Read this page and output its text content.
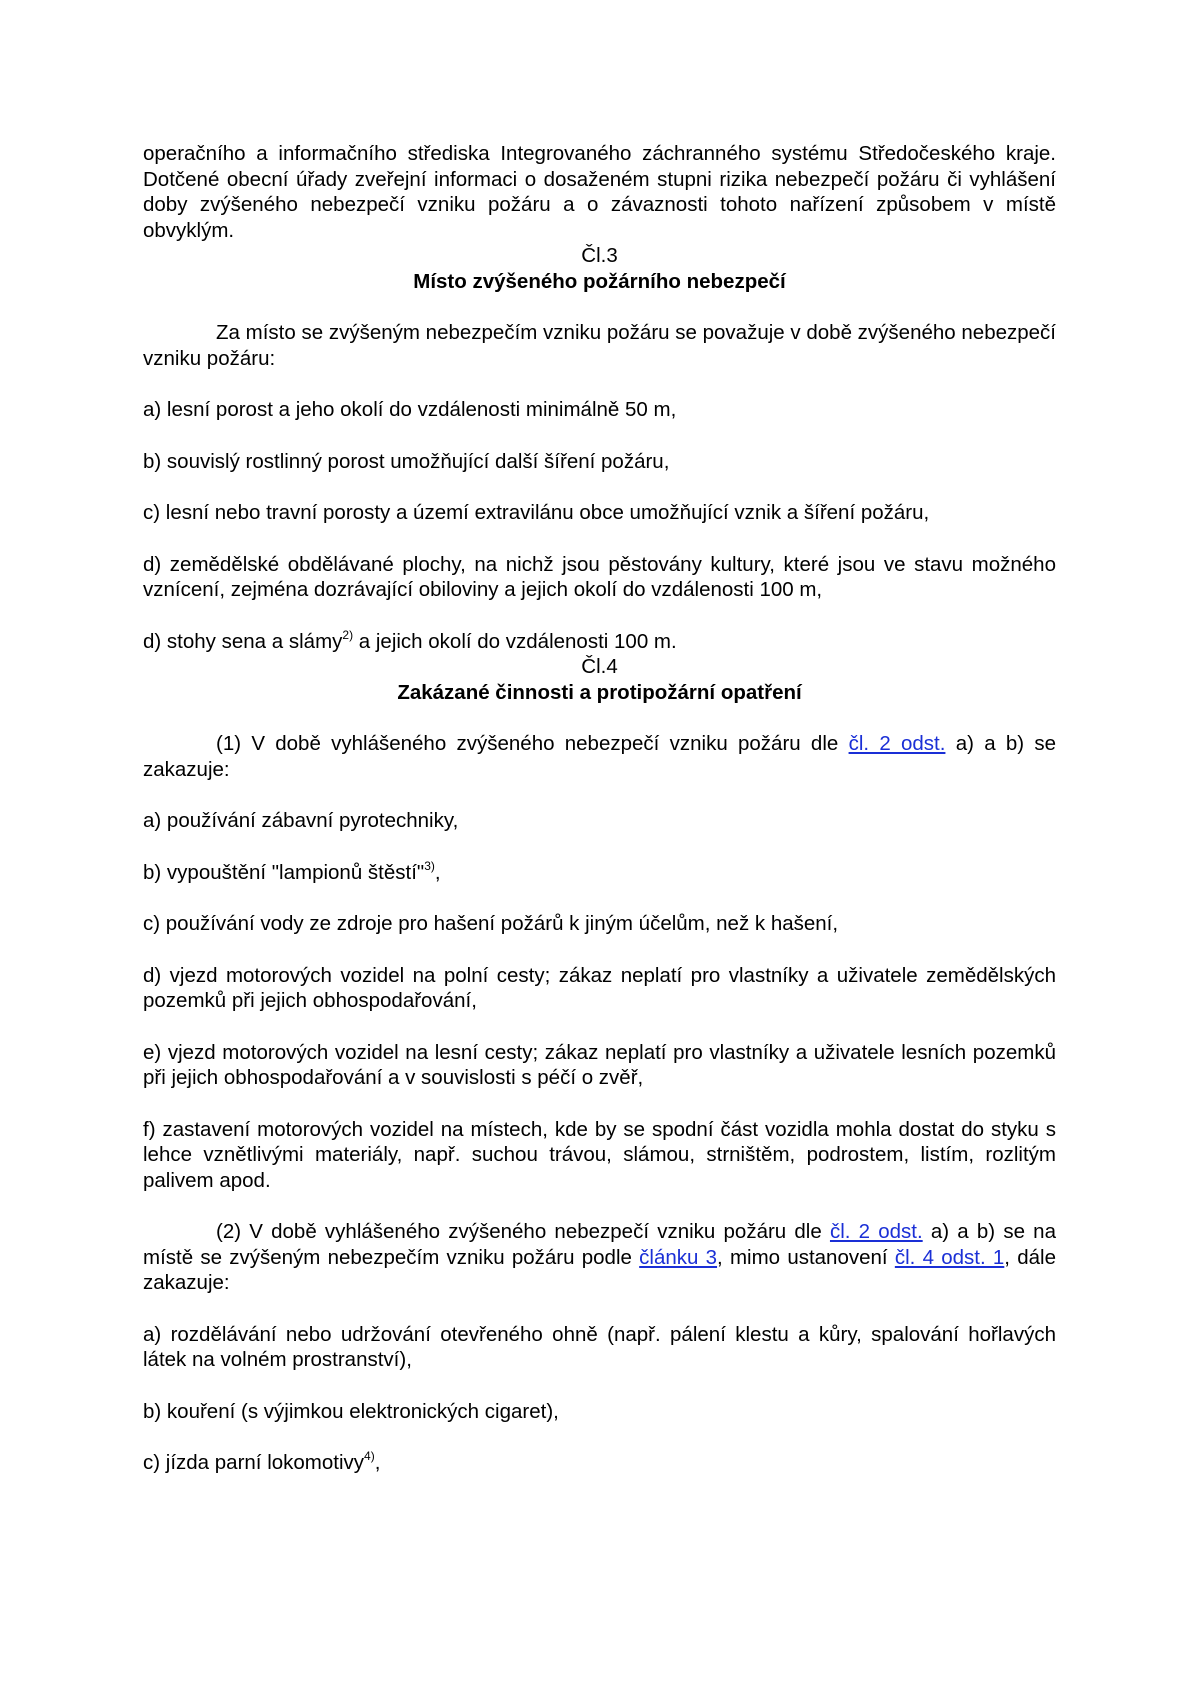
operačního a informačního střediska Integrovaného záchranného systému Středočeského kraje. Dotčené obecní úřady zveřejní informaci o dosaženém stupni rizika nebezpečí požáru či vyhlášení doby zvýšeného nebezpečí vzniku požáru a o závaznosti tohoto nařízení způsobem v místě obvyklým.

Čl.3

Místo zvýšeného požárního nebezpečí

Za místo se zvýšeným nebezpečím vzniku požáru se považuje v době zvýšeného nebezpečí vzniku požáru:

a) lesní porost a jeho okolí do vzdálenosti minimálně 50 m,

b) souvislý rostlinný porost umožňující další šíření požáru,

c) lesní nebo travní porosty a území extravilánu obce umožňující vznik a šíření požáru,

d) zemědělské obdělávané plochy, na nichž jsou pěstovány kultury, které jsou ve stavu možného vznícení, zejména dozrávající obiloviny a jejich okolí do vzdálenosti 100 m,

d) stohy sena a slámy$^{2)}$ a jejich okolí do vzdálenosti 100 m.

Čl.4

Zakázané činnosti a protipožární opatření

(1) V době vyhlášeného zvýšeného nebezpečí vzniku požáru dle čl. 2 odst. a) a b) se zakazuje:

a) používání zábavní pyrotechniky,

b) vypouštění "lampionů štěstí"$^{3)}$,

c) používání vody ze zdroje pro hašení požárů k jiným účelům, než k hašení,

d) vjezd motorových vozidel na polní cesty; zákaz neplatí pro vlastníky a uživatele zemědělských pozemků při jejich obhospodařování,

e) vjezd motorových vozidel na lesní cesty; zákaz neplatí pro vlastníky a uživatele lesních pozemků při jejich obhospodařování a v souvislosti s péčí o zvěř,

f) zastavení motorových vozidel na místech, kde by se spodní část vozidla mohla dostat do styku s lehce vznětlivými materiály, např. suchou trávou, slámou, strništěm, podrostem, listím, rozlitým palivem apod.

(2) V době vyhlášeného zvýšeného nebezpečí vzniku požáru dle čl. 2 odst. a) a b) se na místě se zvýšeným nebezpečím vzniku požáru podle článku 3, mimo ustanovení čl. 4 odst. 1, dále zakazuje:

a) rozdělávání nebo udržování otevřeného ohně (např. pálení klestu a kůry, spalování hořlavých látek na volném prostranství),

b) kouření (s výjimkou elektronických cigaret),

c) jízda parní lokomotivy$^{4)}$,
